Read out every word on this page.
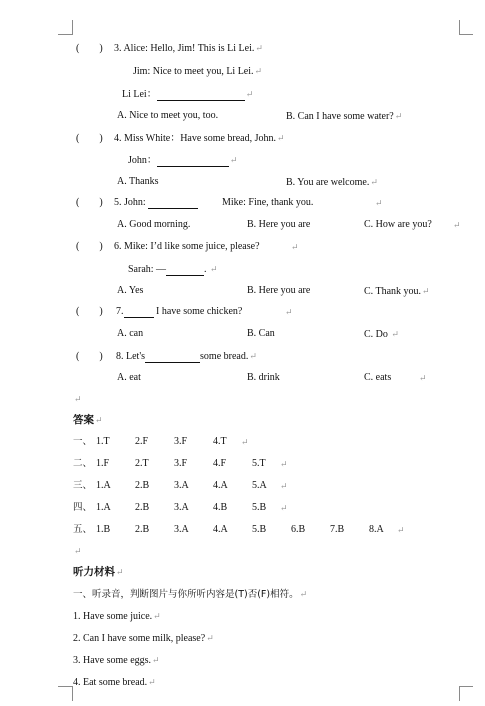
(　　) 3. Alice: Hello, Jim! This is Li Lei.↵
Jim: Nice to meet you, Li Lei.↵
Li Lei：	↵
A. Nice to meet you, too.	B. Can I have some water?↵
(　　) 4. Miss White：Have some bread, John.↵
John：	↵
A. Thanks	B. You are welcome.↵
(　　) 5. John:	Mike: Fine, thank you.	↵
A. Good morning.	B. Here you are	C. How are you? ↵
(　　) 6. Mike: I’d like some juice, please?	↵
Sarah: —	. ↵
A. Yes	B. Here you are	C. Thank you.↵
(　　) 7.	I have some chicken?	↵
A. can	B. Can	C. Do ↵
(　　) 8. Let's	some bread.↵
A. eat	B. drink	C. eats	↵
↵
答案↵
一、 1.T	2.F	3.F	4.T ↵
二、 1.F	2.T	3.F	4.F	5.T ↵
三、 1.A 2.B 3.A 4.A 5.A ↵
四、 1.A 2.B 3.A 4.B 5.B ↵
五、 1.B 2.B 3.A 4.A 5.B 6.B 7.B 8.A ↵
↵
听力材料↵
一、听录音，判断图片与你所听内容是(T)否(F)相符。↵
1. Have some juice.↵
2. Can I have some milk, please?↵
3. Have some eggs.↵
4. Eat some bread.↵
